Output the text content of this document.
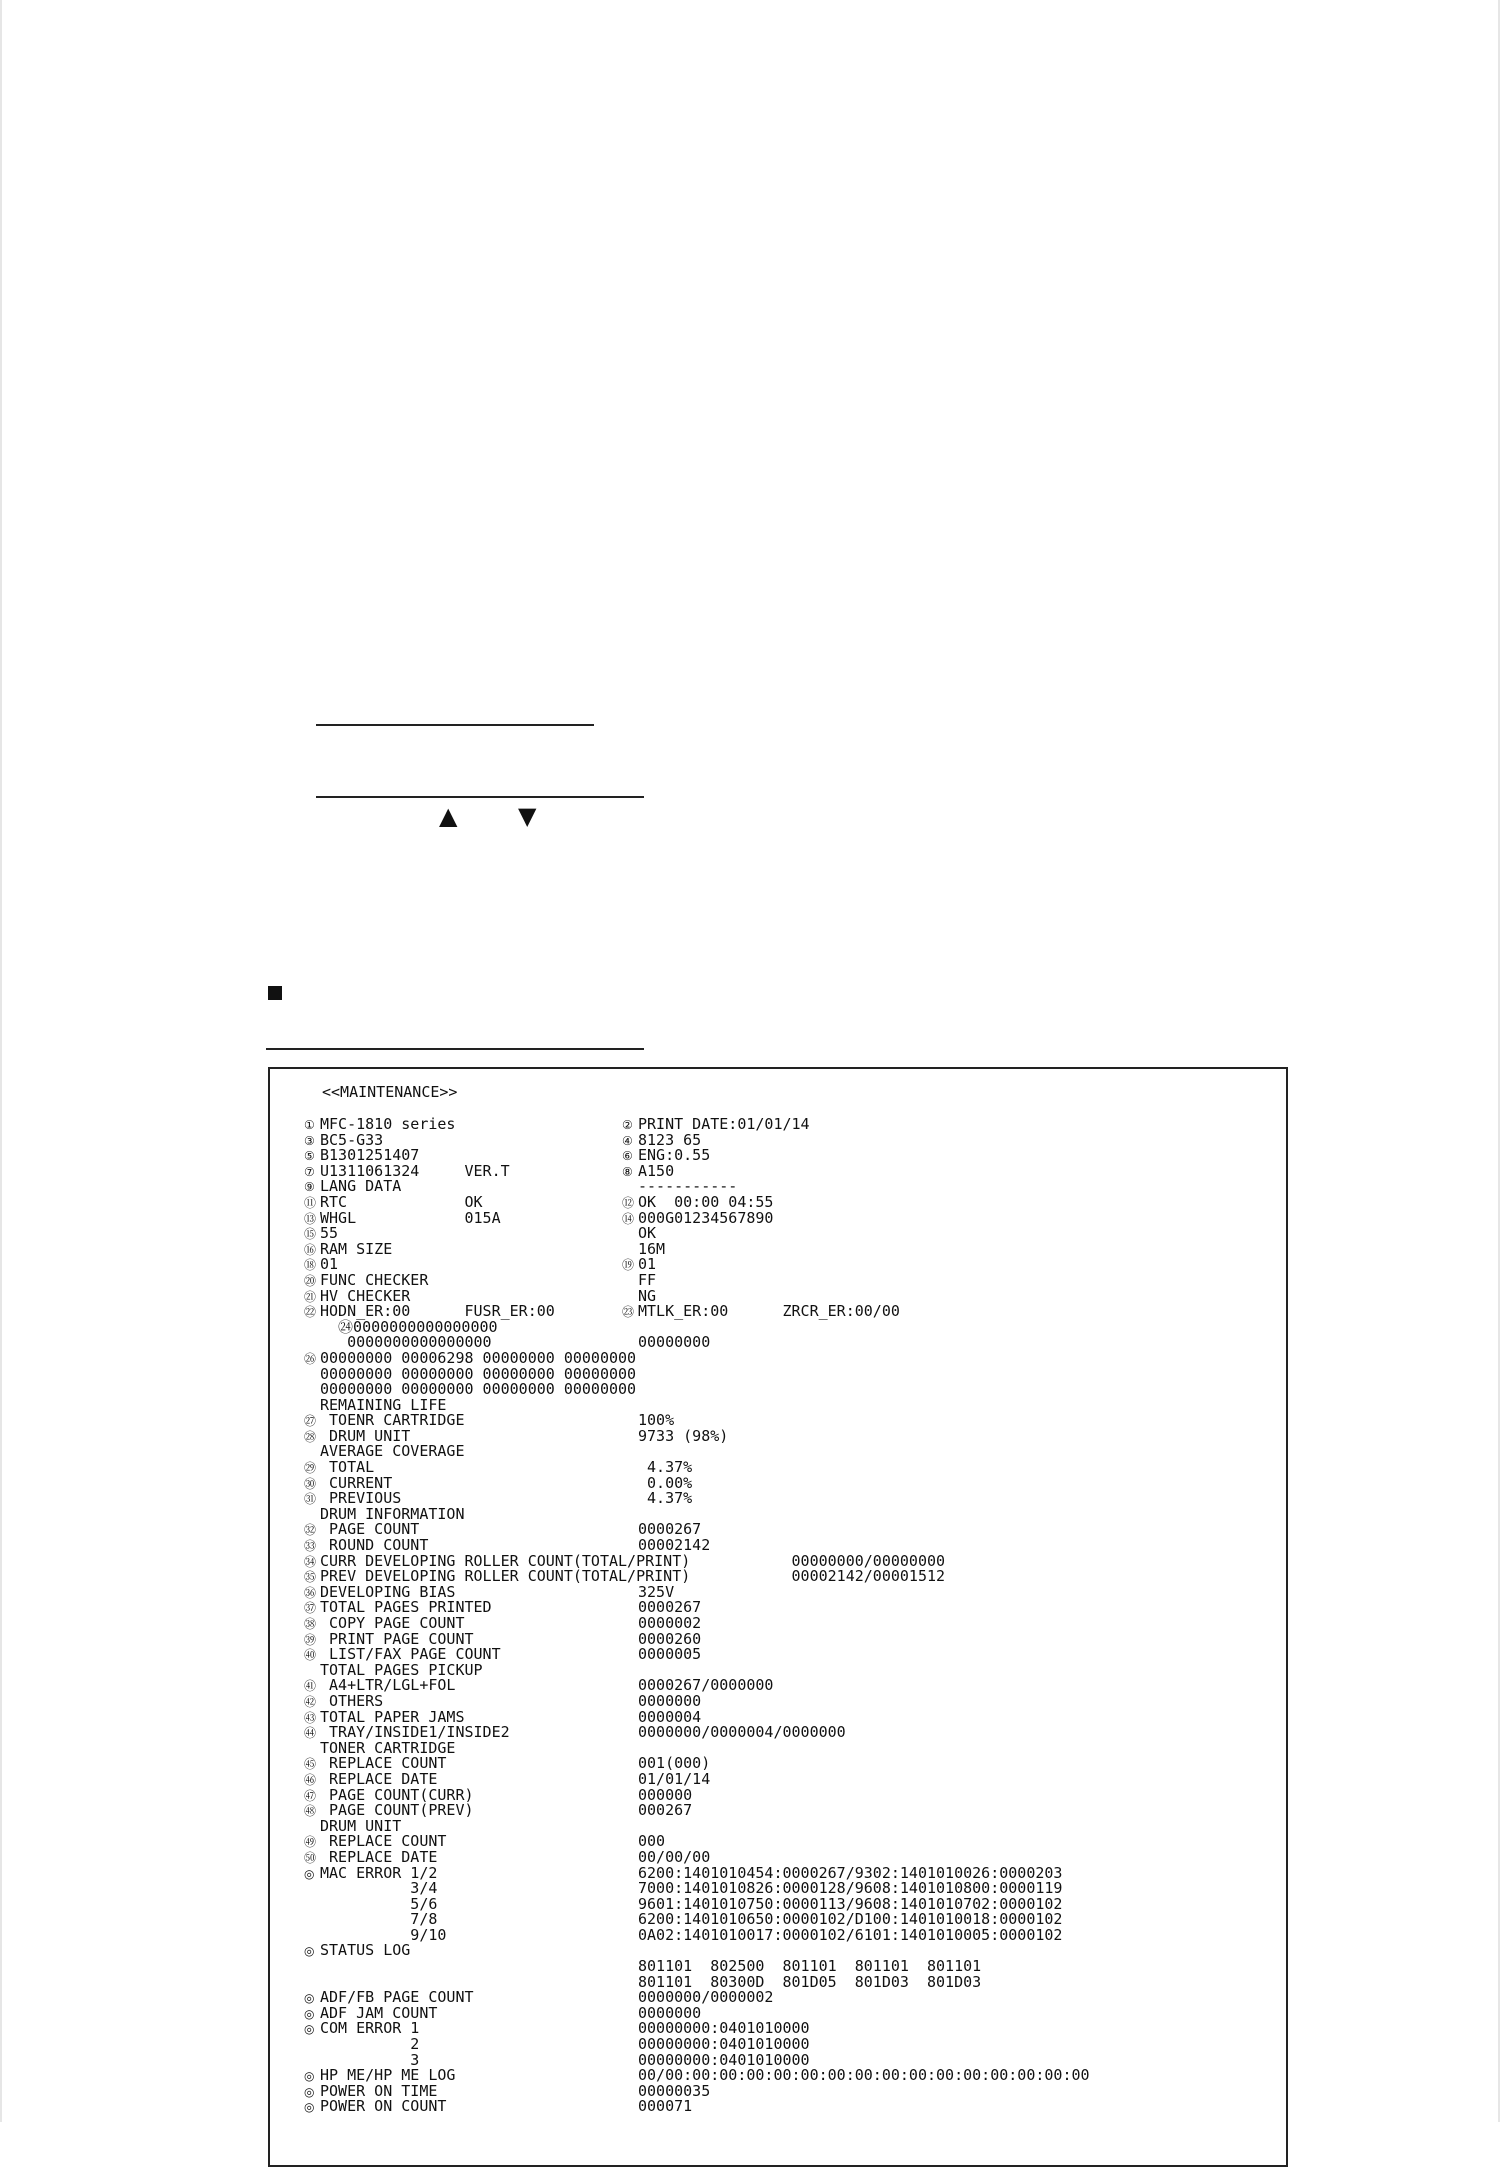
▲	▼
<<MAINTENANCE>>
① MFC-1810 series
③ BC5-G33
⑤ B1301251407
⑦ U1311061324     VER.T
⑨ LANG DATA
⑪ RTC             OK
⑬ WHGL            015A
⑮ 55
⑯ RAM SIZE
⑱ 01
⑳ FUNC CHECKER
㉑ HV CHECKER
㉒ HODN_ER:00      FUSR_ER:00
㉔0000000000000000
0000000000000000
㉖ 00000000 00006298 00000000 00000000
00000000 00000000 00000000 00000000
00000000 00000000 00000000 00000000
REMAINING LIFE
㉗ TOENR CARTRIDGE
㉘ DRUM UNIT
AVERAGE COVERAGE
㉙ TOTAL
㉚ CURRENT
㉛ PREVIOUS
DRUM INFORMATION
㉜ PAGE COUNT
㉝ ROUND COUNT
㉞ CURR DEVELOPING ROLLER COUNT(TOTAL/PRINT)
㉟ PREV DEVELOPING ROLLER COUNT(TOTAL/PRINT)
㊱ DEVELOPING BIAS
㊲ TOTAL PAGES PRINTED
㊳ COPY PAGE COUNT
㊴ PRINT PAGE COUNT
㊵ LIST/FAX PAGE COUNT
TOTAL PAGES PICKUP
㊶ A4+LTR/LGL+FOL
㊷ OTHERS
㊸ TOTAL PAPER JAMS
㊹ TRAY/INSIDE1/INSIDE2
TONER CARTRIDGE
㊺ REPLACE COUNT
㊻ REPLACE DATE
㊼ PAGE COUNT(CURR)
㊽ PAGE COUNT(PREV)
DRUM UNIT
㊾ REPLACE COUNT
㊿ REPLACE DATE
◎ MAC ERROR 1/2
3/4
5/6
7/8
9/10
◎ STATUS LOG
◎ ADF/FB PAGE COUNT
◎ ADF JAM COUNT
◎ COM ERROR 1
2
3
◎ HP ME/HP ME LOG
◎ POWER ON TIME
◎ POWER ON COUNT
② PRINT DATE:01/01/14
④ 8123 65
⑥ ENG:0.55
⑧ A150
-----------
⑫ OK  00:00 04:55
⑭ 000G01234567890
OK
16M
⑲ 01
FF
NG
㉓ MTLK_ER:00      ZRCR_ER:00/00
00000000
100%
9733 (98%)
4.37%
0.00%
4.37%
0000267
00002142
00000000/00000000
00002142/00001512
325V
0000267
0000002
0000260
0000005
0000267/0000000
0000000
0000004
0000000/0000004/0000000
001(000)
01/01/14
000000
000267
000
00/00/00
6200:1401010454:0000267/9302:1401010026:0000203
7000:1401010826:0000128/9608:1401010800:0000119
9601:1401010750:0000113/9608:1401010702:0000102
6200:1401010650:0000102/D100:1401010018:0000102
0A02:1401010017:0000102/6101:1401010005:0000102
801101  802500  801101  801101  801101
801101  80300D  801D05  801D03  801D03
0000000/0000002
0000000
00000000:0401010000
00000000:0401010000
00000000:0401010000
00/00:00:00:00:00:00:00:00:00:00:00:00:00:00:00:00
00000035
000071
